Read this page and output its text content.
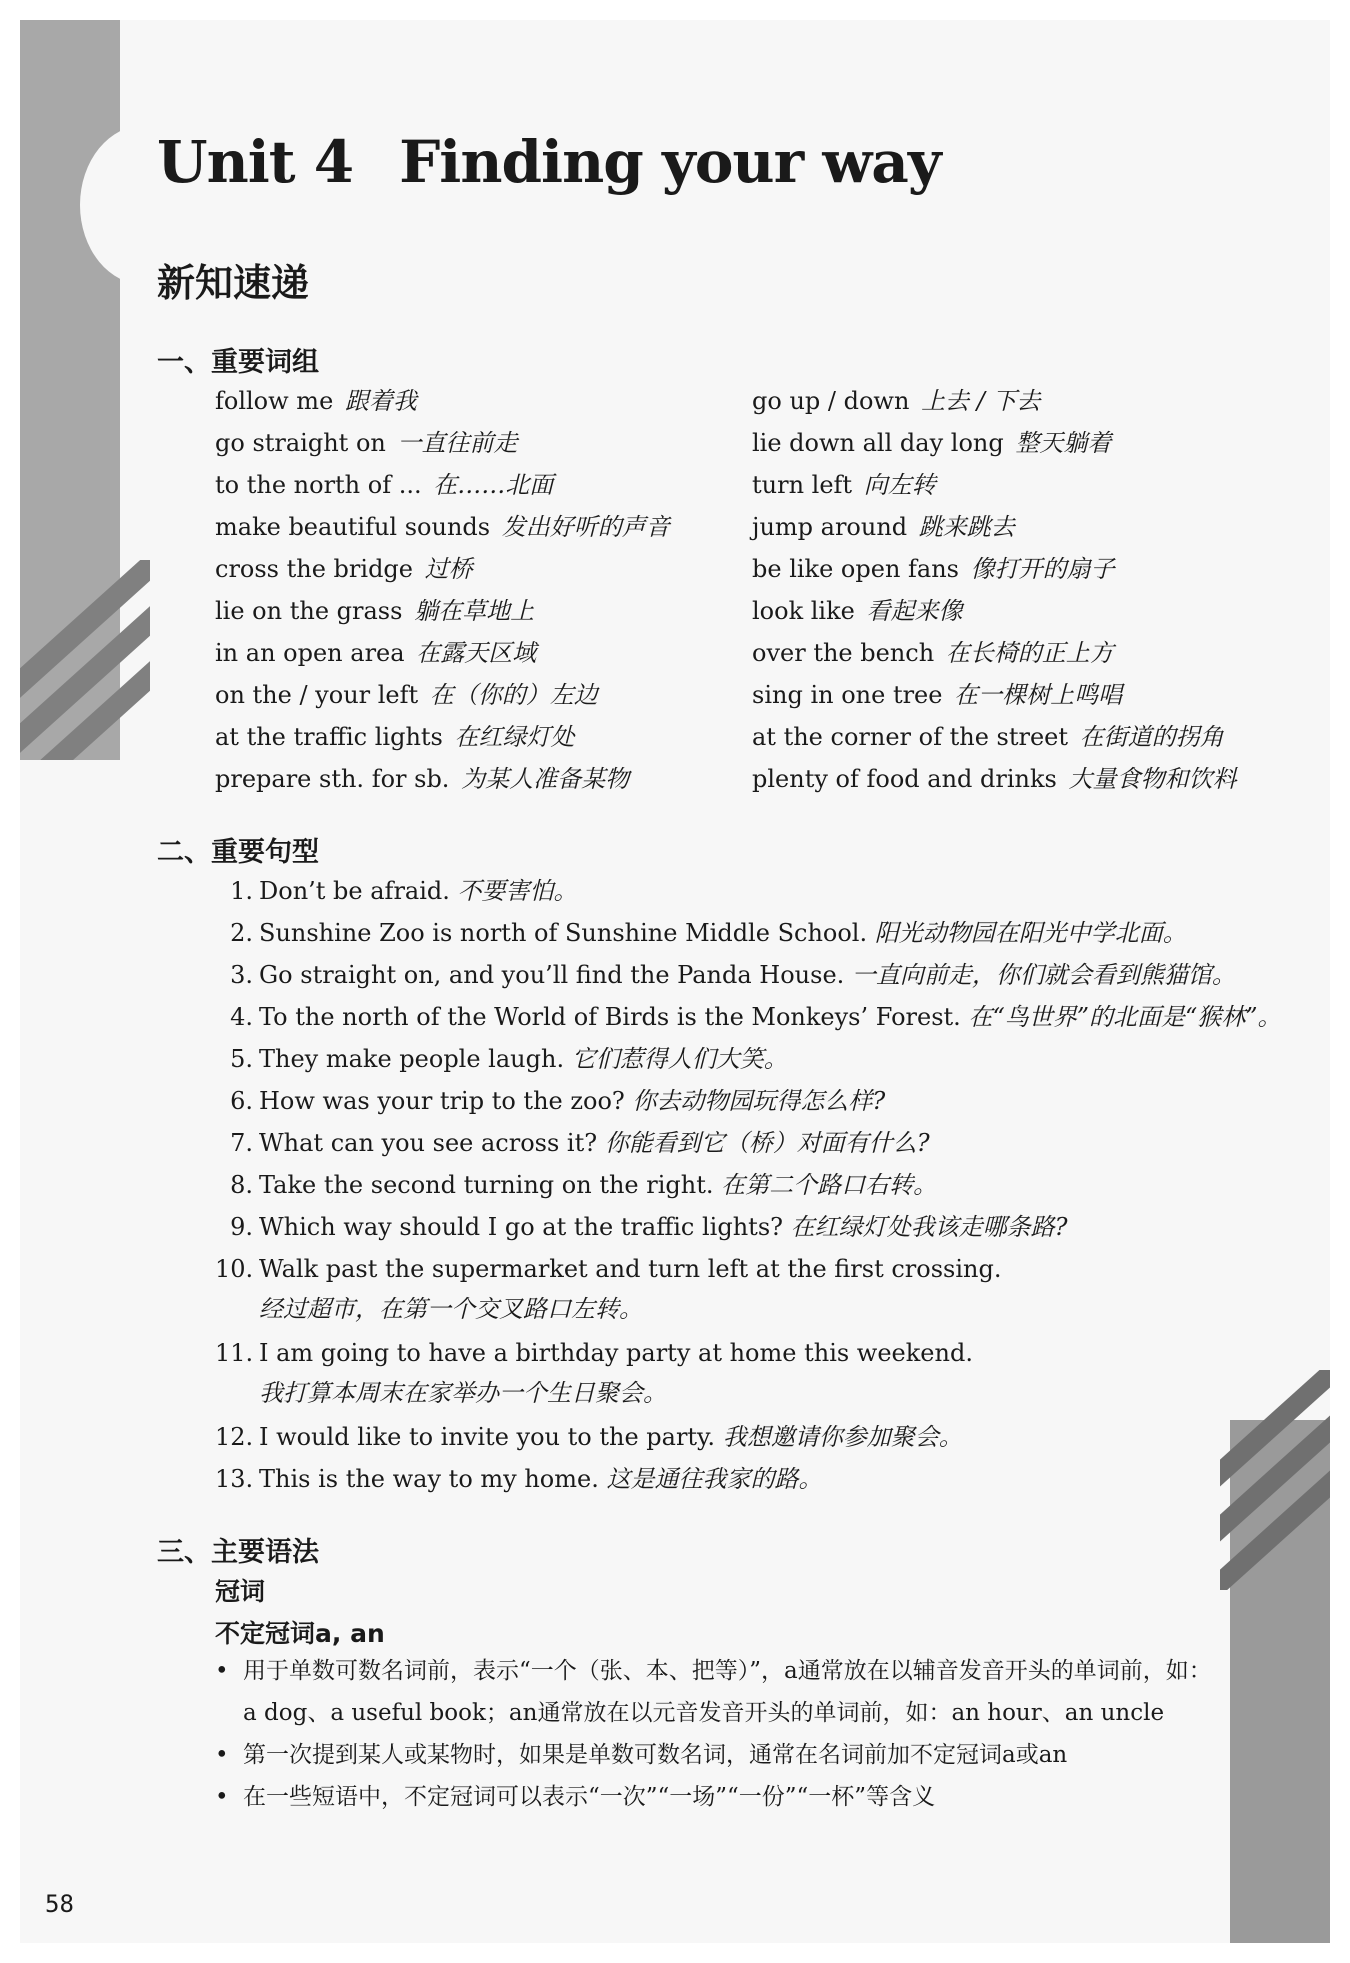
Unit 4 Finding your way
新知速递
一、重要词组
follow me 跟着我
go straight on 一直往前走
to the north of ... 在……北面
make beautiful sounds 发出好听的声音
cross the bridge 过桥
lie on the grass 躺在草地上
in an open area 在露天区域
on the / your left 在（你的）左边
at the traffic lights 在红绿灯处
prepare sth. for sb. 为某人准备某物
go up / down 上去 / 下去
lie down all day long 整天躺着
turn left 向左转
jump around 跳来跳去
be like open fans 像打开的扇子
look like 看起来像
over the bench 在长椅的正上方
sing in one tree 在一棵树上鸣唱
at the corner of the street 在街道的拐角
plenty of food and drinks 大量食物和饮料
二、重要句型
1. Don’t be afraid. 不要害怕。
2. Sunshine Zoo is north of Sunshine Middle School. 阳光动物园在阳光中学北面。
3. Go straight on, and you’ll find the Panda House. 一直向前走，你们就会看到熊猫馆。
4. To the north of the World of Birds is the Monkeys’ Forest. 在“鸟世界”的北面是“猴林”。
5. They make people laugh. 它们惹得人们大笑。
6. How was your trip to the zoo? 你去动物园玩得怎么样?
7. What can you see across it? 你能看到它（桥）对面有什么?
8. Take the second turning on the right. 在第二个路口右转。
9. Which way should I go at the traffic lights? 在红绿灯处我该走哪条路?
10. Walk past the supermarket and turn left at the first crossing.
经过超市，在第一个交叉路口左转。
11. I am going to have a birthday party at home this weekend.
我打算本周末在家举办一个生日聚会。
12. I would like to invite you to the party. 我想邀请你参加聚会。
13. This is the way to my home. 这是通往我家的路。
三、主要语法
冠词
不定冠词a, an
• 用于单数可数名词前，表示“一个（张、本、把等）”，a通常放在以辅音发音开头的单词前，如：a dog、a useful book；an通常放在以元音发音开头的单词前，如：an hour、an uncle
• 第一次提到某人或某物时，如果是单数可数名词，通常在名词前加不定冠词a或an
• 在一些短语中，不定冠词可以表示“一次”“一场”“一份”“一杯”等含义
58
